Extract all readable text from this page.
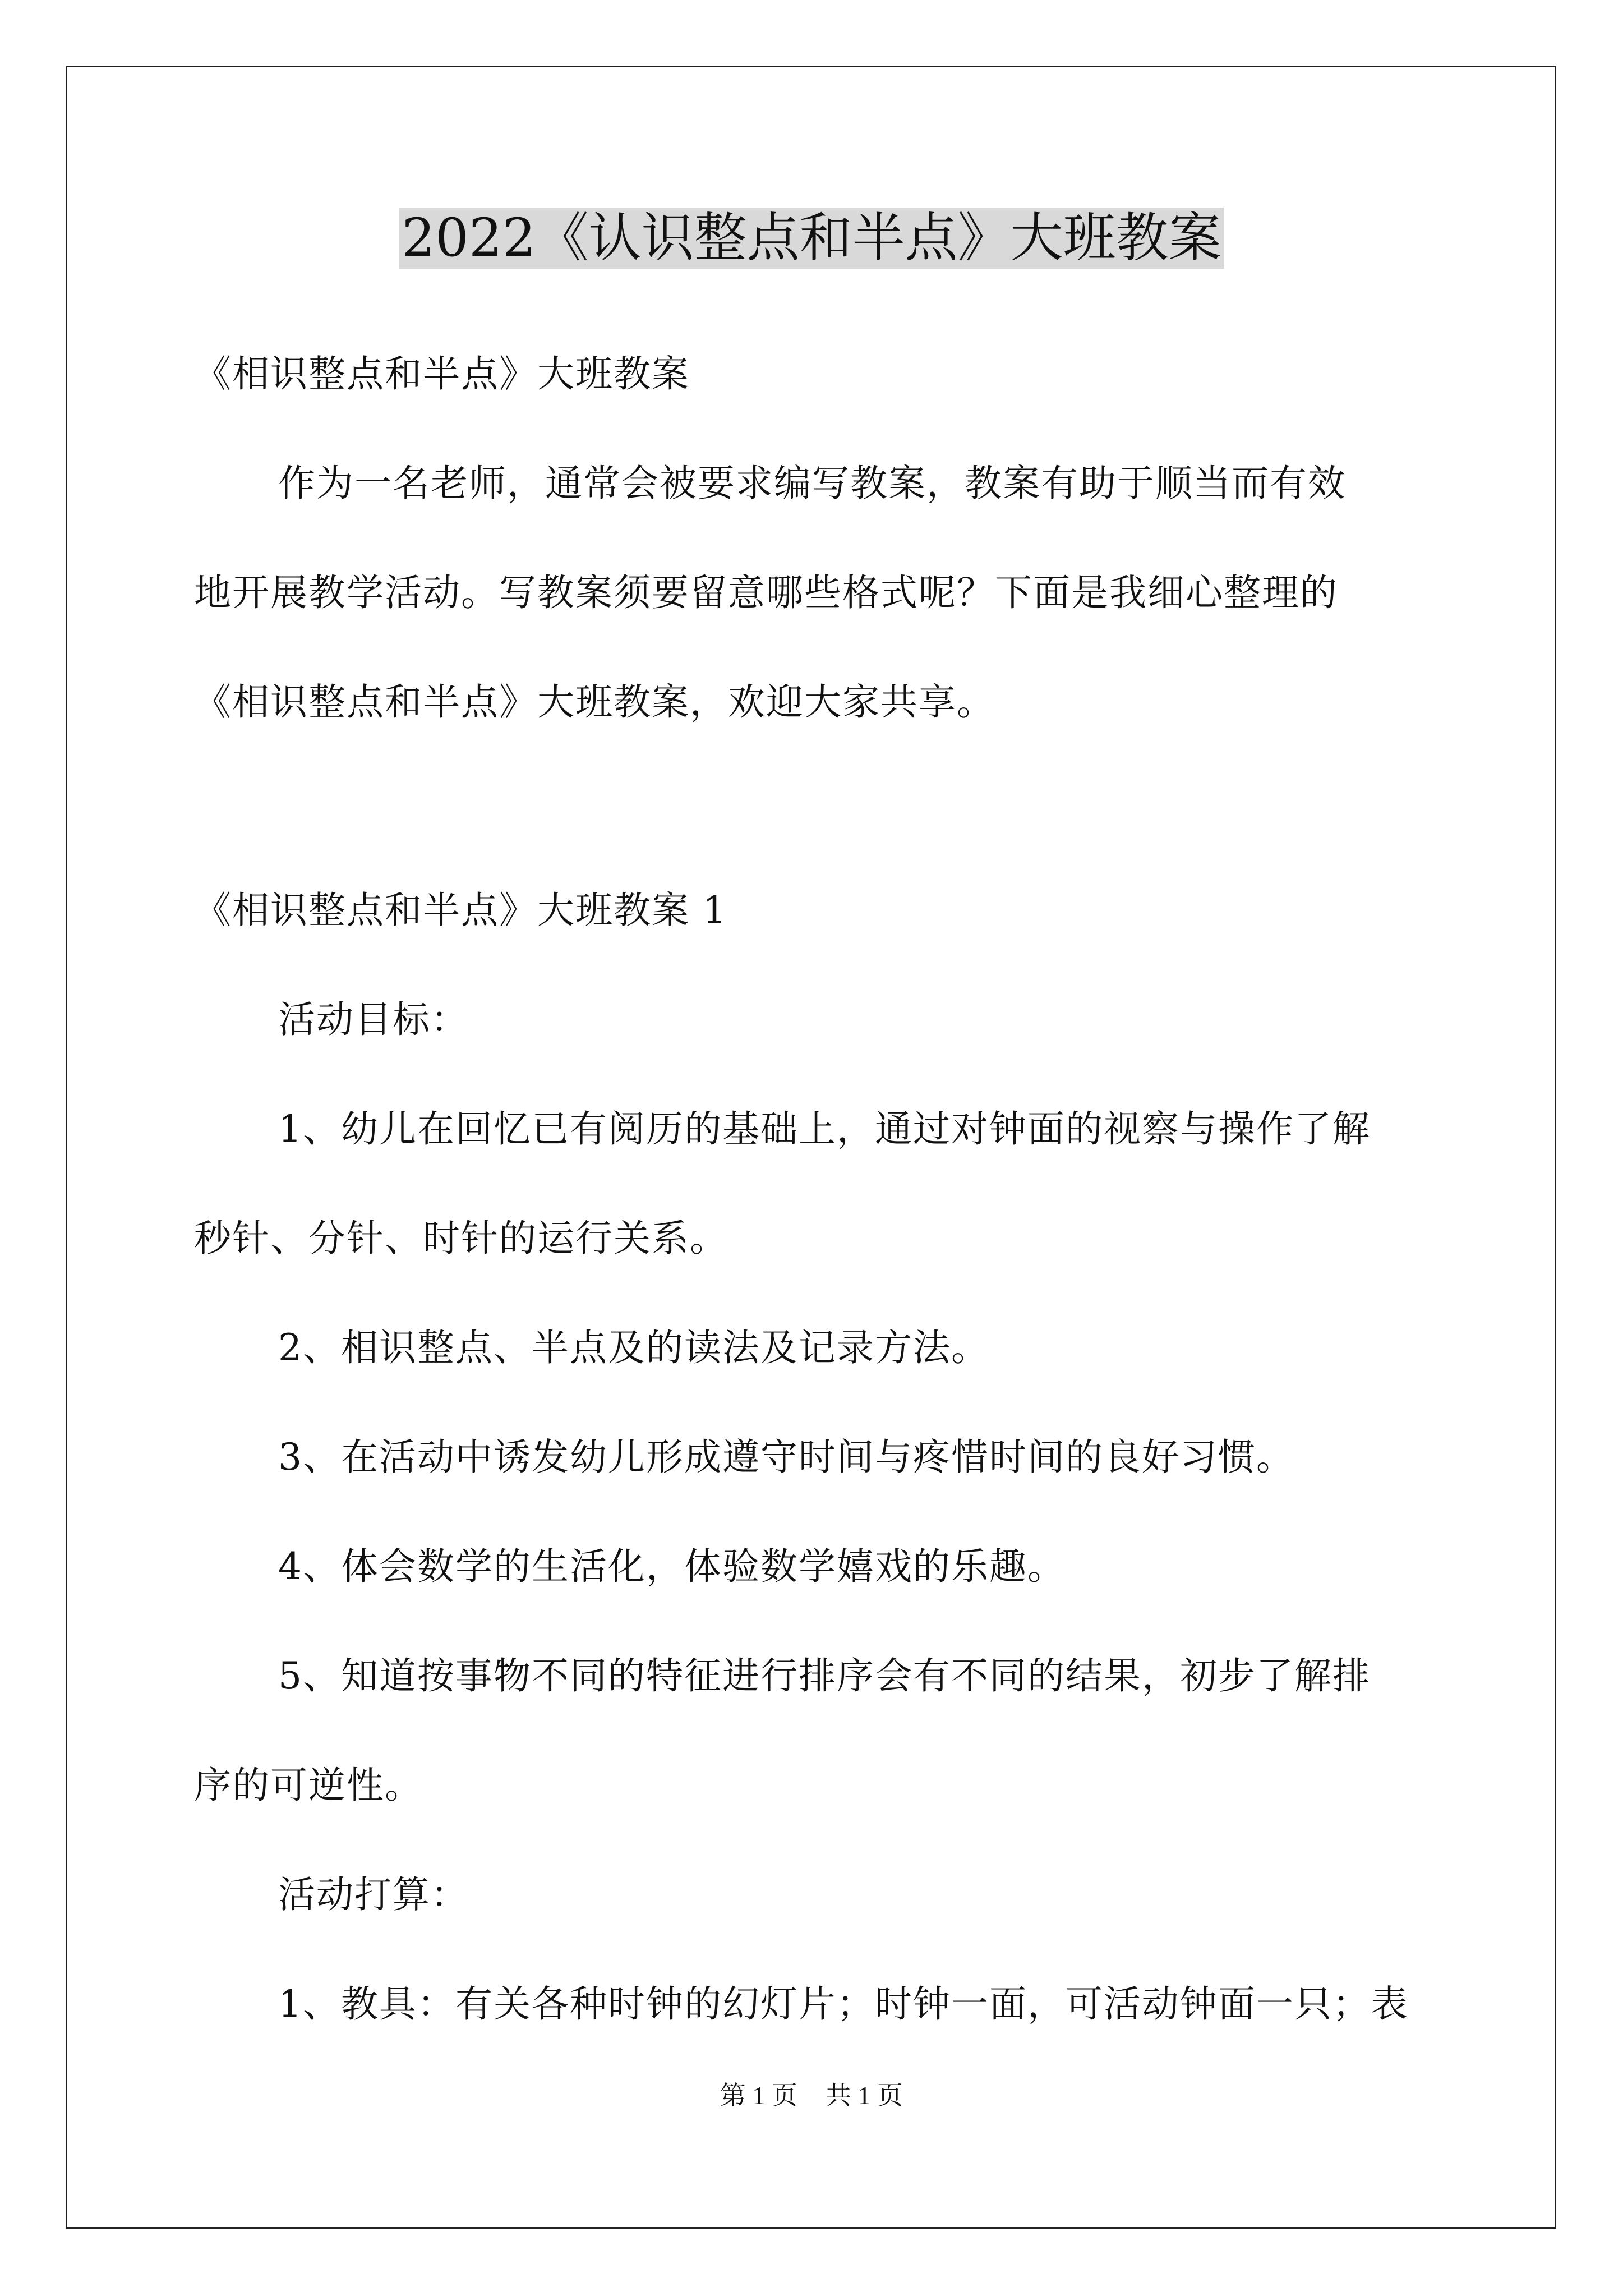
2022《认识整点和半点》大班教案

《相识整点和半点》大班教案

作为一名老师，通常会被要求编写教案，教案有助于顺当而有效

地开展教学活动。写教案须要留意哪些格式呢？下面是我细心整理的

《相识整点和半点》大班教案，欢迎大家共享。

《相识整点和半点》大班教案 1

活动目标：

1、幼儿在回忆已有阅历的基础上，通过对钟面的视察与操作了解

秒针、分针、时针的运行关系。

2、相识整点、半点及的读法及记录方法。

3、在活动中诱发幼儿形成遵守时间与疼惜时间的良好习惯。

4、体会数学的生活化，体验数学嬉戏的乐趣。

5、知道按事物不同的特征进行排序会有不同的结果，初步了解排

序的可逆性。

活动打算：

1、教具：有关各种时钟的幻灯片；时钟一面，可活动钟面一只；表

第 1 页 共 1 页
